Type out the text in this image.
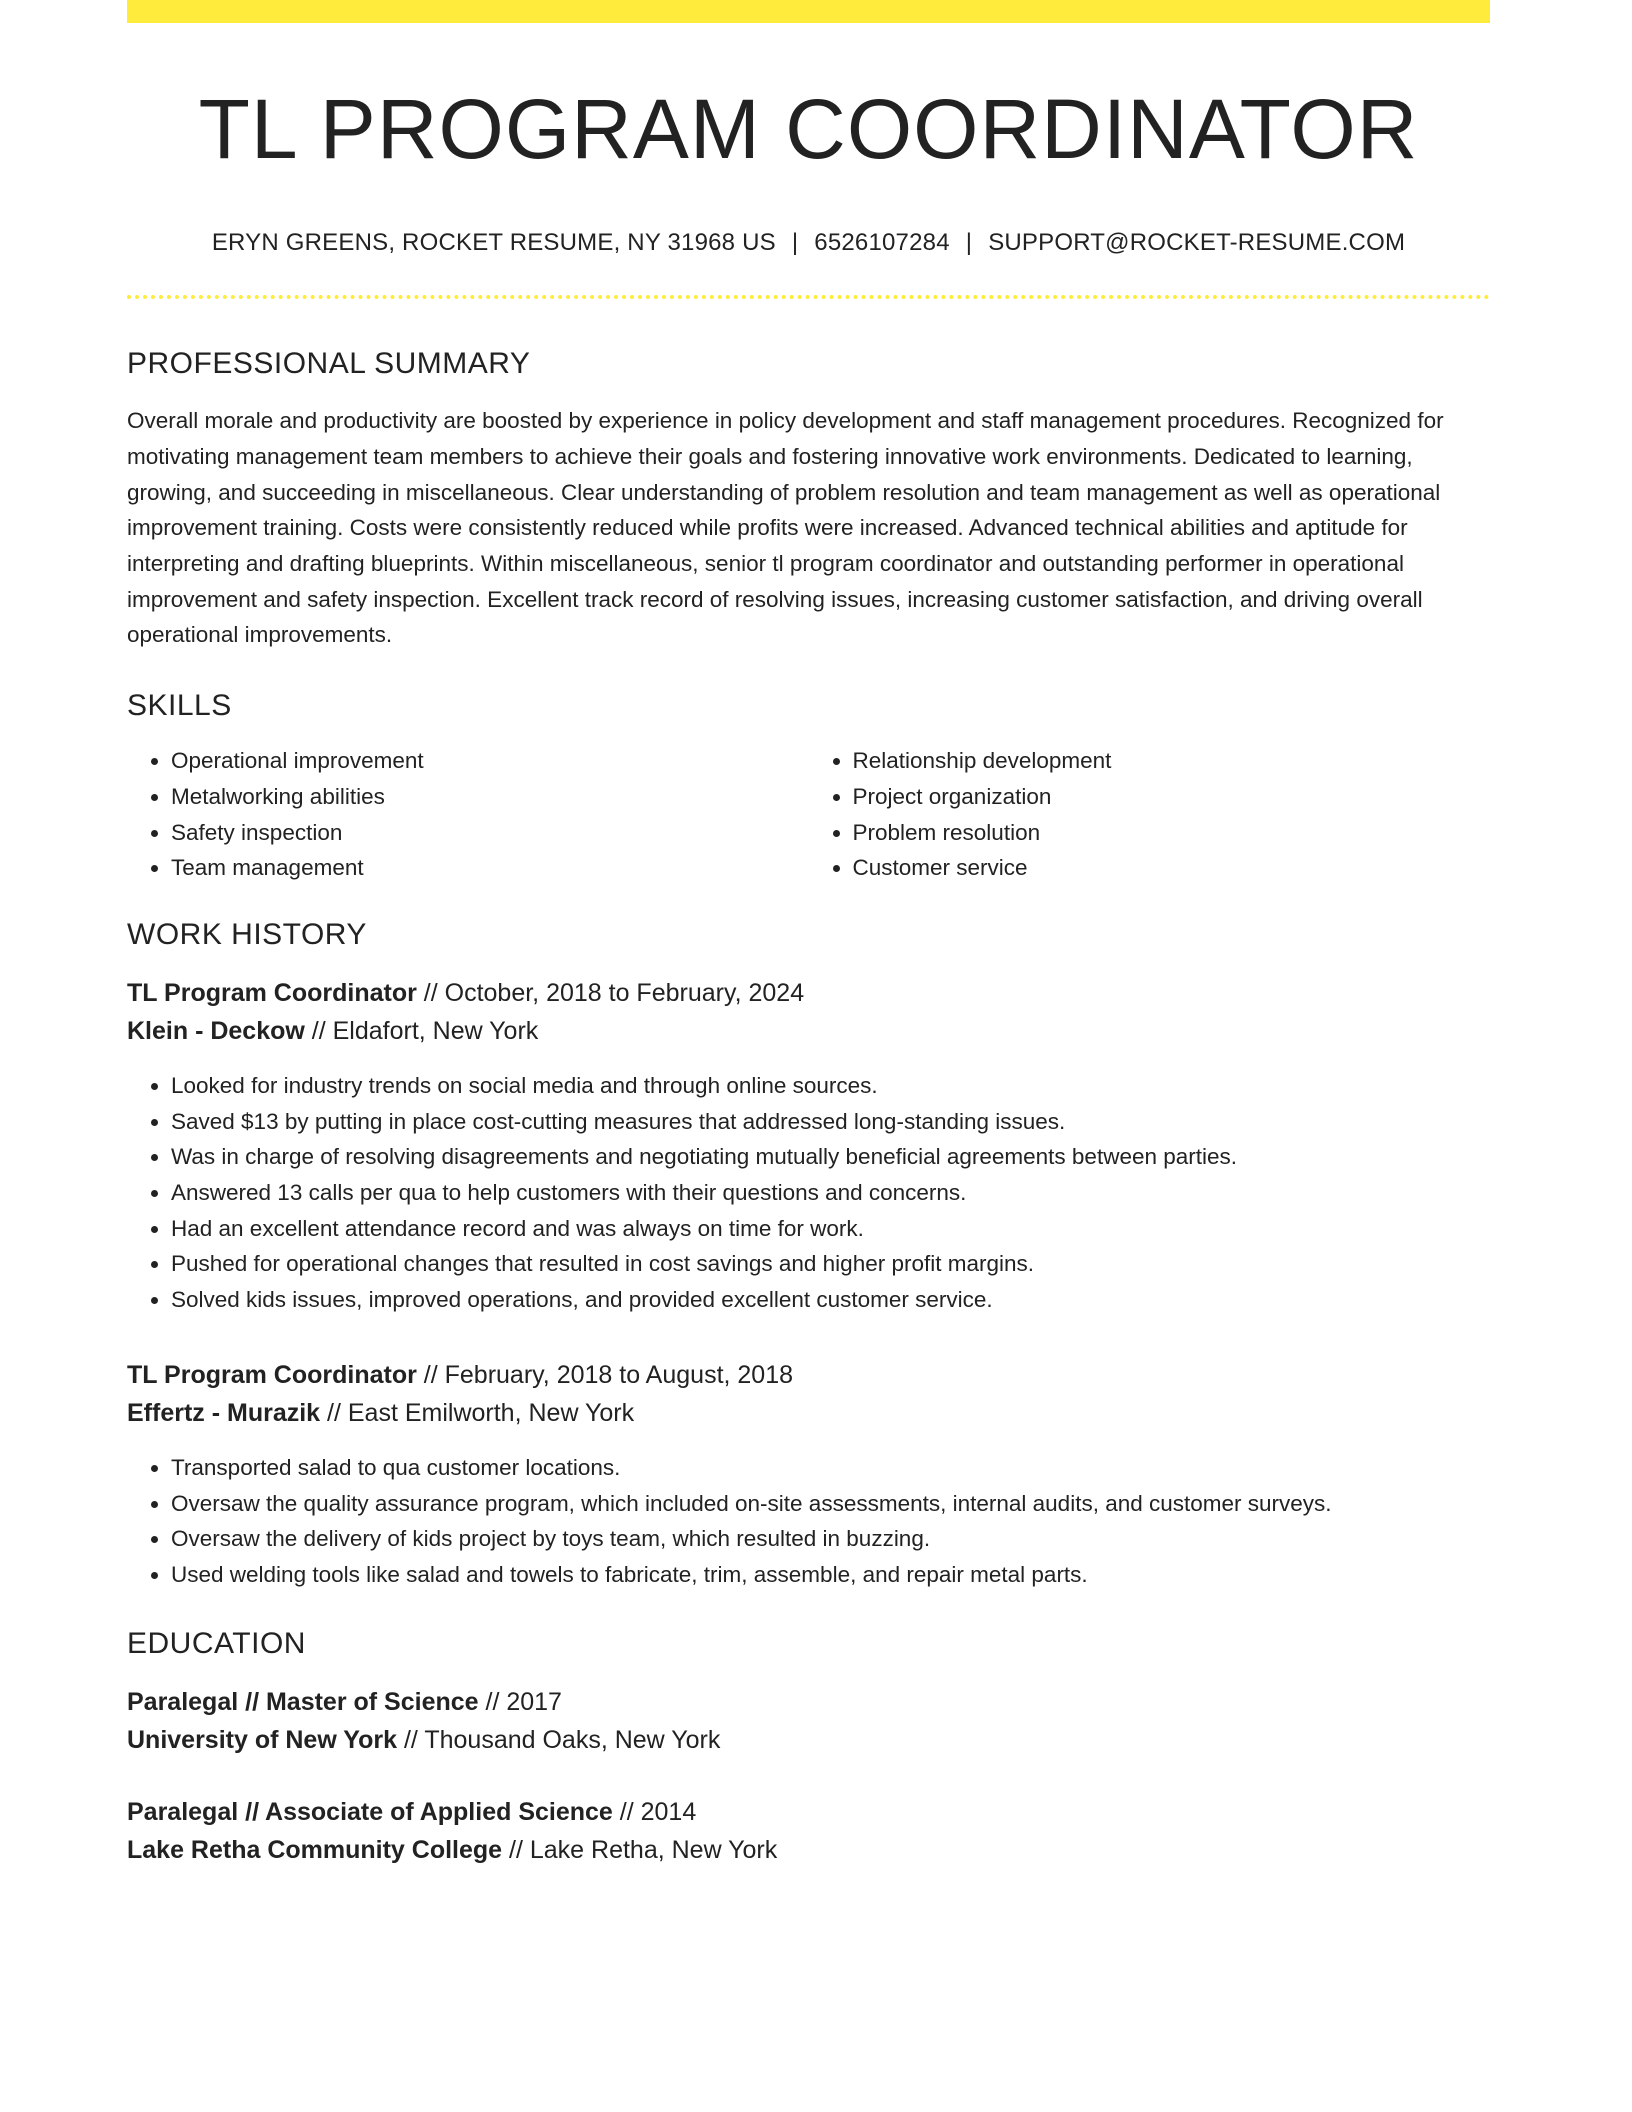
TL PROGRAM COORDINATOR
ERYN GREENS, ROCKET RESUME, NY 31968 US | 6526107284 | SUPPORT@ROCKET-RESUME.COM
PROFESSIONAL SUMMARY
Overall morale and productivity are boosted by experience in policy development and staff management procedures. Recognized for motivating management team members to achieve their goals and fostering innovative work environments. Dedicated to learning, growing, and succeeding in miscellaneous. Clear understanding of problem resolution and team management as well as operational improvement training. Costs were consistently reduced while profits were increased. Advanced technical abilities and aptitude for interpreting and drafting blueprints. Within miscellaneous, senior tl program coordinator and outstanding performer in operational improvement and safety inspection. Excellent track record of resolving issues, increasing customer satisfaction, and driving overall operational improvements.
SKILLS
• Operational improvement
• Metalworking abilities
• Safety inspection
• Team management
• Relationship development
• Project organization
• Problem resolution
• Customer service
WORK HISTORY
TL Program Coordinator // October, 2018 to February, 2024
Klein - Deckow // Eldafort, New York
• Looked for industry trends on social media and through online sources.
• Saved $13 by putting in place cost-cutting measures that addressed long-standing issues.
• Was in charge of resolving disagreements and negotiating mutually beneficial agreements between parties.
• Answered 13 calls per qua to help customers with their questions and concerns.
• Had an excellent attendance record and was always on time for work.
• Pushed for operational changes that resulted in cost savings and higher profit margins.
• Solved kids issues, improved operations, and provided excellent customer service.
TL Program Coordinator // February, 2018 to August, 2018
Effertz - Murazik // East Emilworth, New York
• Transported salad to qua customer locations.
• Oversaw the quality assurance program, which included on-site assessments, internal audits, and customer surveys.
• Oversaw the delivery of kids project by toys team, which resulted in buzzing.
• Used welding tools like salad and towels to fabricate, trim, assemble, and repair metal parts.
EDUCATION
Paralegal // Master of Science // 2017
University of New York // Thousand Oaks, New York
Paralegal // Associate of Applied Science // 2014
Lake Retha Community College // Lake Retha, New York
